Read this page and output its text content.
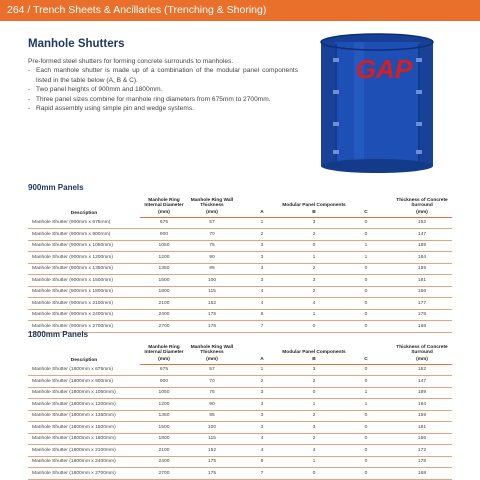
264 / Trench Sheets & Ancillaries (Trenching & Shoring)
Manhole Shutters

Pre-formed steel shutters for forming concrete surrounds to manholes.

- Each manhole shutter is made up of a combination of the modular panel components listed in the table below (A, B & C).
- Two panel heights of 900mm and 1800mm.
- Three panel sizes combine for manhole ring diameters from 675mm to 2700mm.
- Rapid assembly using simple pin and wedge systems.
GAP
900mm Panels
Description	Manhole Ring Internal Diameter	Manhole Ring Wall Thickness	Modular Panel Components			Thickness of Concrete Surround
	(mm)	(mm)	A	B	C	(mm)
Manhole Shutter (900mm x 675mm)	675	57	1	3	0	152
Manhole Shutter (900mm x 900mm)	900	70	2	2	0	147
Manhole Shutter (900mm x 1050mm)	1050	75	3	0	1	189
Manhole Shutter (900mm x 1200mm)	1200	90	3	1	1	184
Manhole Shutter (900mm x 1350mm)	1350	95	3	2	0	159
Manhole Shutter (900mm x 1500mm)	1500	100	3	3	0	181
Manhole Shutter (900mm x 1800mm)	1800	115	4	2	0	156
Manhole Shutter (900mm x 2100mm)	2100	152	4	4	0	177
Manhole Shutter (900mm x 2400mm)	2400	175	6	1	0	178
Manhole Shutter (900mm x 2700mm)	2700	175	7	0	0	168
1800mm Panels
Description	Manhole Ring Internal Diameter	Manhole Ring Wall Thickness	Modular Panel Components			Thickness of Concrete Surround
	(mm)	(mm)	A	B	C	(mm)
Manhole Shutter (1800mm x 675mm)	675	57	1	3	0	152
Manhole Shutter (1800mm x 900mm)	900	70	2	2	0	147
Manhole Shutter (1800mm x 1050mm)	1050	75	3	0	1	189
Manhole Shutter (1800mm x 1200mm)	1200	90	3	1	1	184
Manhole Shutter (1800mm x 1350mm)	1350	95	3	2	0	159
Manhole Shutter (1800mm x 1500mm)	1500	100	3	3	0	181
Manhole Shutter (1800mm x 1800mm)	1800	115	4	2	0	156
Manhole Shutter (1800mm x 2100mm)	2100	152	4	4	0	172
Manhole Shutter (1800mm x 2400mm)	2400	175	6	1	0	178
Manhole Shutter (1800mm x 2700mm)	2700	175	7	0	0	168
